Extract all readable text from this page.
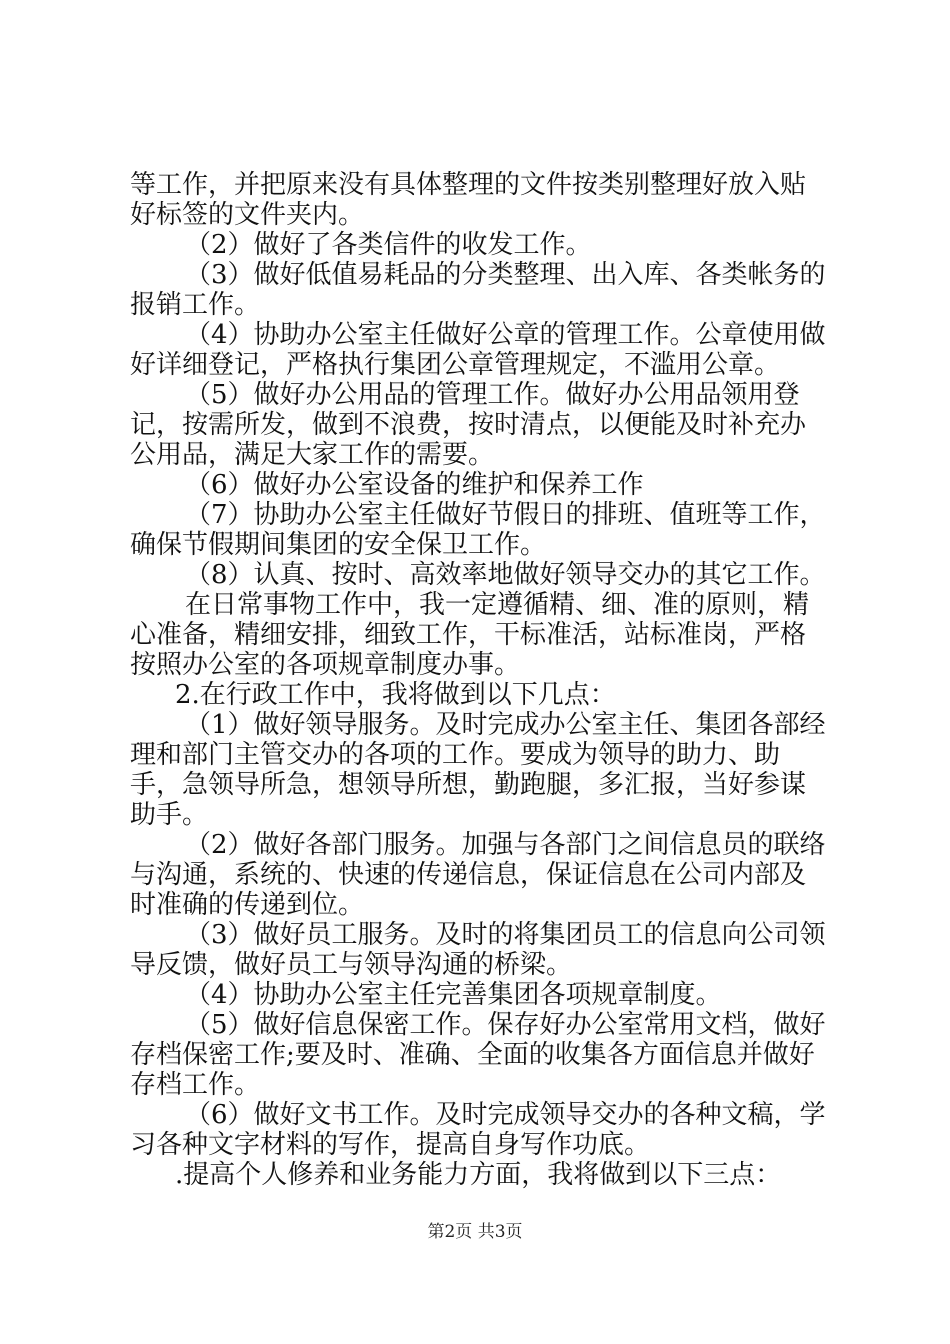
等工作，并把原来没有具体整理的文件按类别整理好放入贴好标签的文件夹内。

（2）做好了各类信件的收发工作。

（3）做好低值易耗品的分类整理、出入库、各类帐务的报销工作。

（4）协助办公室主任做好公章的管理工作。公章使用做好详细登记，严格执行集团公章管理规定，不滥用公章。

（5）做好办公用品的管理工作。做好办公用品领用登记，按需所发，做到不浪费，按时清点，以便能及时补充办公用品，满足大家工作的需要。

（6）做好办公室设备的维护和保养工作

（7）协助办公室主任做好节假日的排班、值班等工作，确保节假期间集团的安全保卫工作。

（8）认真、按时、高效率地做好领导交办的其它工作。

在日常事物工作中，我一定遵循精、细、准的原则，精心准备，精细安排，细致工作，干标准活，站标准岗，严格按照办公室的各项规章制度办事。

2.在行政工作中，我将做到以下几点：

（1）做好领导服务。及时完成办公室主任、集团各部经理和部门主管交办的各项的工作。要成为领导的助力、助手，急领导所急，想领导所想，勤跑腿，多汇报，当好参谋助手。

（2）做好各部门服务。加强与各部门之间信息员的联络与沟通，系统的、快速的传递信息，保证信息在公司内部及时准确的传递到位。

（3）做好员工服务。及时的将集团员工的信息向公司领导反馈，做好员工与领导沟通的桥梁。

（4）协助办公室主任完善集团各项规章制度。

（5）做好信息保密工作。保存好办公室常用文档，做好存档保密工作;要及时、准确、全面的收集各方面信息并做好存档工作。

（6）做好文书工作。及时完成领导交办的各种文稿，学习各种文字材料的写作，提高自身写作功底。

.提高个人修养和业务能力方面，我将做到以下三点：

第2页 共3页
